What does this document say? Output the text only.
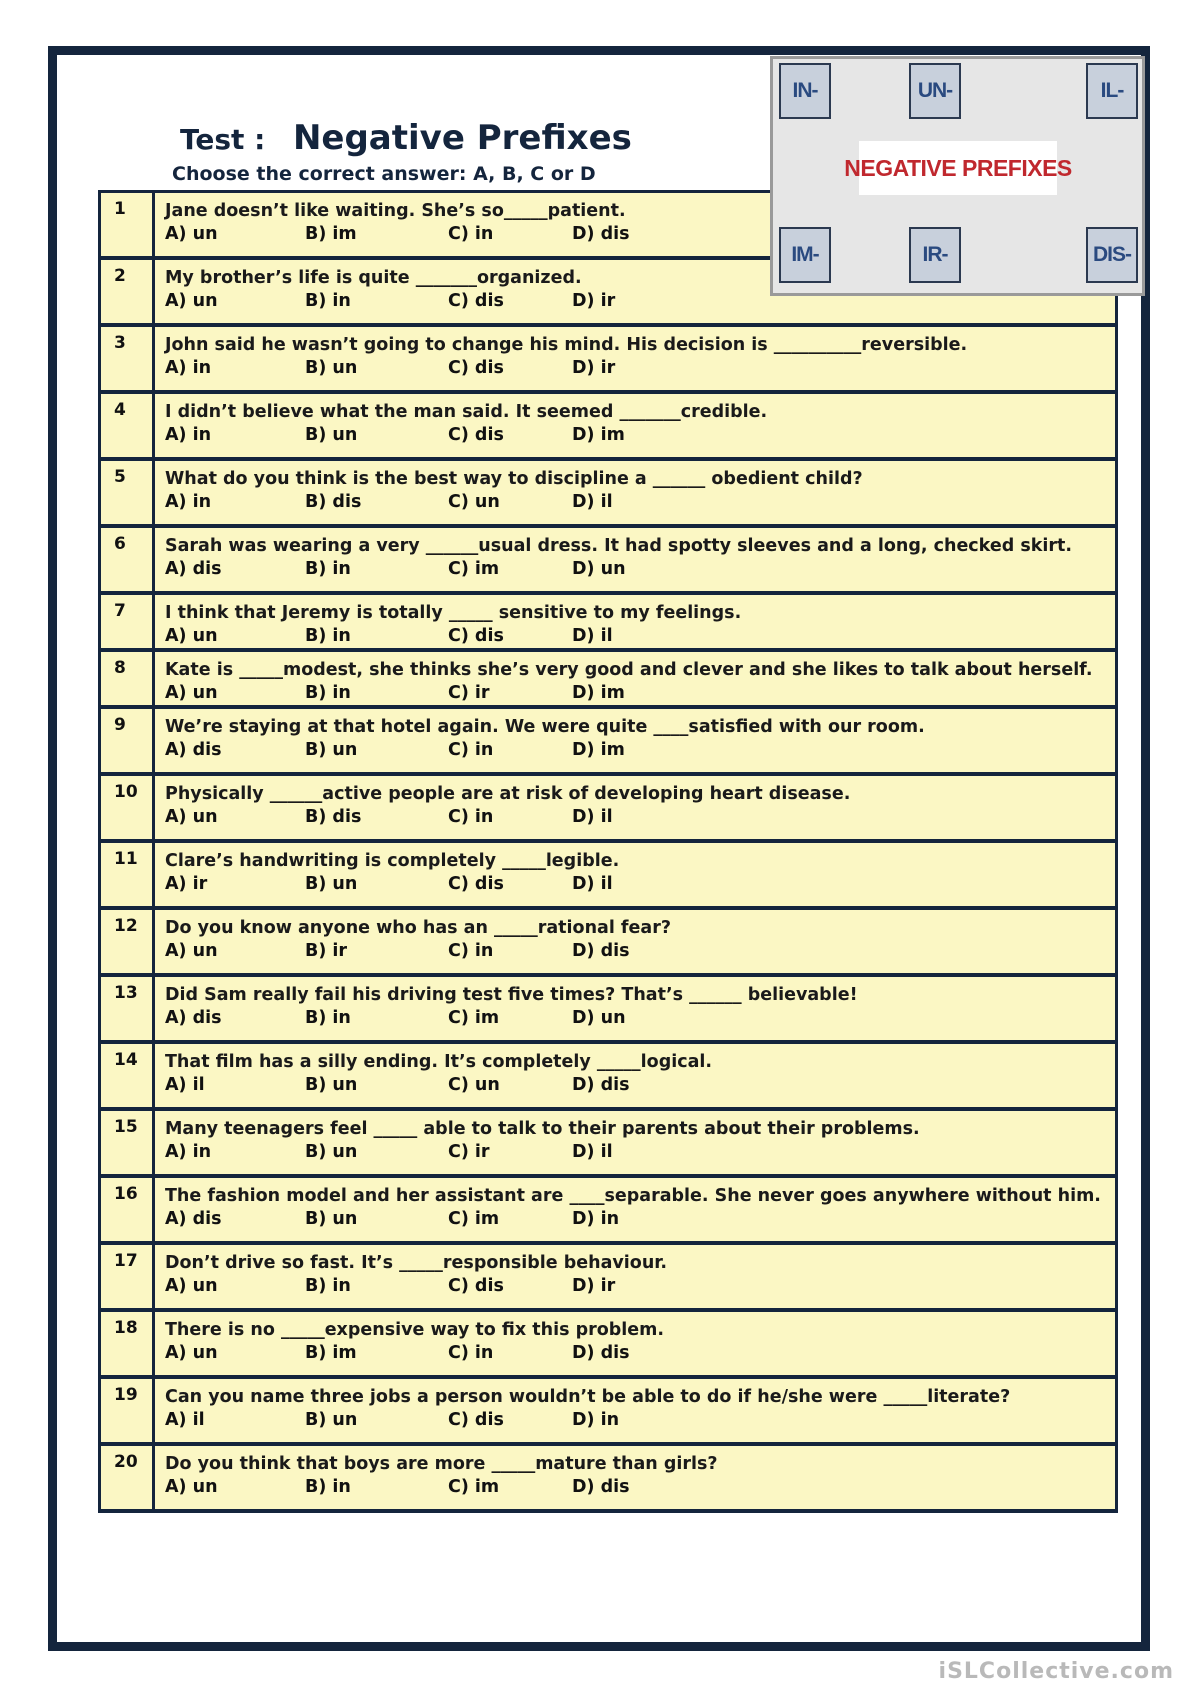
Test : Negative Prefixes
Choose the correct answer: A, B, C or D
1	Jane doesn’t like waiting. She’s so_____patient.
A) un	B) im	C) in	D) dis
2	My brother’s life is quite _______organized.
A) un	B) in	C) dis	D) ir
3	John said he wasn’t going to change his mind. His decision is __________reversible.
A) in	B) un	C) dis	D) ir
4	I didn’t believe what the man said. It seemed _______credible.
A) in	B) un	C) dis	D) im
5	What do you think is the best way to discipline a ______ obedient child?
A) in	B) dis	C) un	D) il
6	Sarah was wearing a very ______usual dress. It had spotty sleeves and a long, checked skirt.
A) dis	B) in	C) im	D) un
7	I think that Jeremy is totally _____ sensitive to my feelings.
A) un	B) in	C) dis	D) il
8	Kate is _____modest, she thinks she’s very good and clever and she likes to talk about herself.
A) un	B) in	C) ir	D) im
9	We’re staying at that hotel again. We were quite ____satisfied with our room.
A) dis	B) un	C) in	D) im
10	Physically ______active people are at risk of developing heart disease.
A) un	B) dis	C) in	D) il
11	Clare’s handwriting is completely _____legible.
A) ir	B) un	C) dis	D) il
12	Do you know anyone who has an _____rational fear?
A) un	B) ir	C) in	D) dis
13	Did Sam really fail his driving test five times? That’s ______ believable!
A) dis	B) in	C) im	D) un
14	That film has a silly ending. It’s completely _____logical.
A) il	B) un	C) un	D) dis
15	Many teenagers feel _____ able to talk to their parents about their problems.
A) in	B) un	C) ir	D) il
16	The fashion model and her assistant are ____separable. She never goes anywhere without him.
A) dis	B) un	C) im	D) in
17	Don’t drive so fast. It’s _____responsible behaviour.
A) un	B) in	C) dis	D) ir
18	There is no _____expensive way to fix this problem.
A) un	B) im	C) in	D) dis
19	Can you name three jobs a person wouldn’t be able to do if he/she were _____literate?
A) il	B) un	C) dis	D) in
20	Do you think that boys are more _____mature than girls?
A) un	B) in	C) im	D) dis
IN-	UN-	IL-
NEGATIVE PREFIXES
IM-	IR-	DIS-
iSLCollective.com
